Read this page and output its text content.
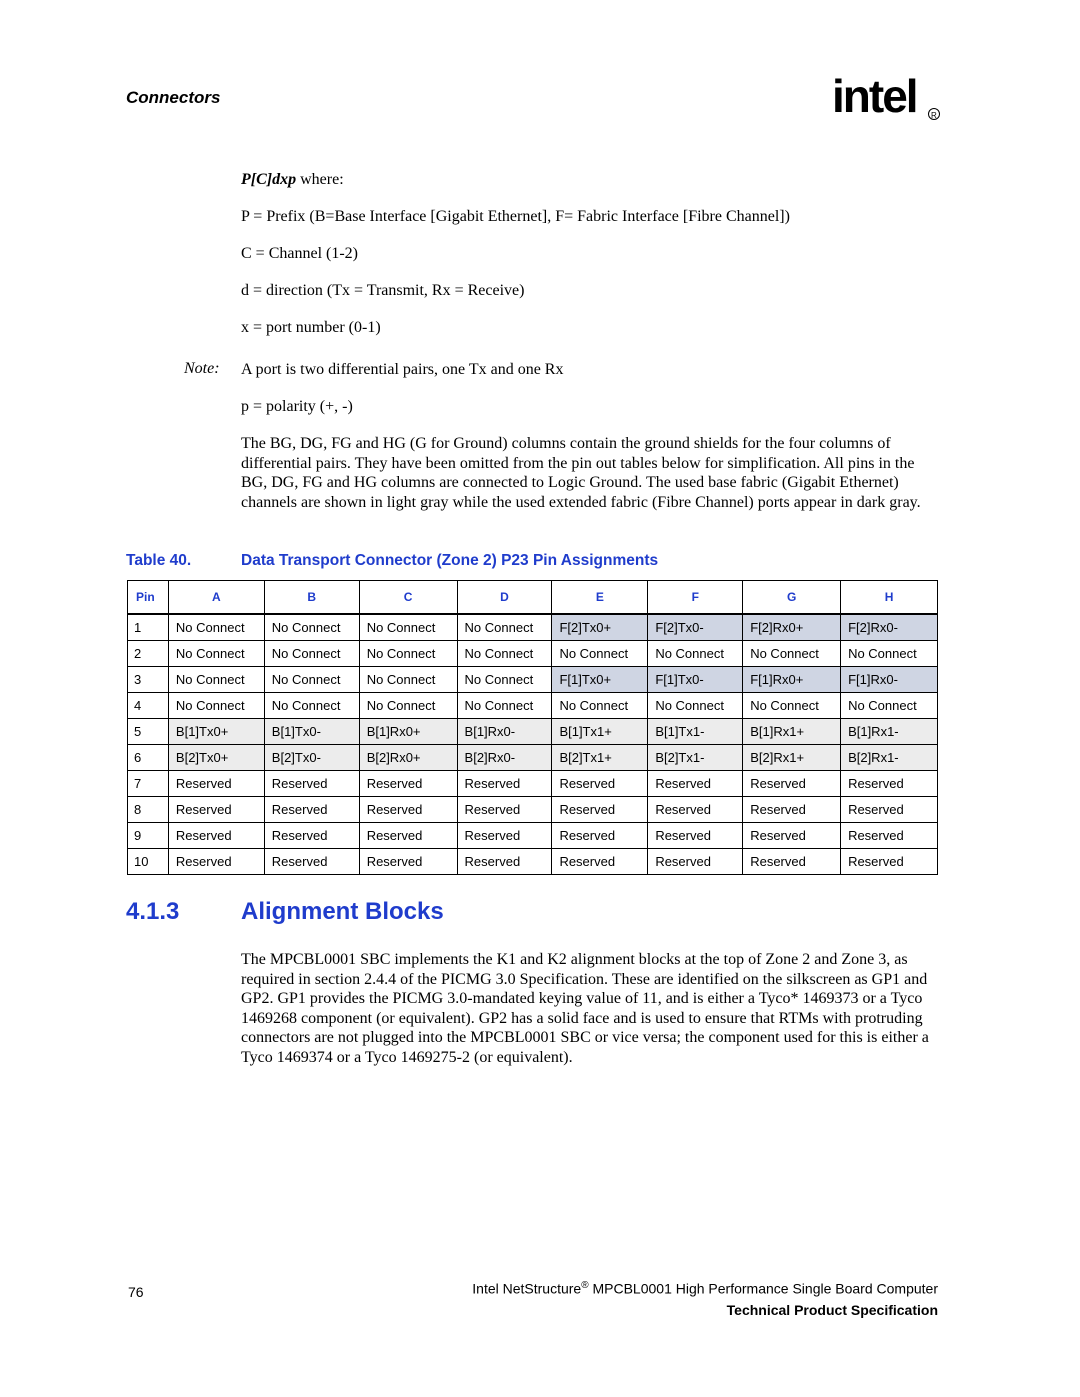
Connectors	intel R

P[C]dxp where:

P = Prefix (B=Base Interface [Gigabit Ethernet], F= Fabric Interface [Fibre Channel])
C = Channel (1-2)
d = direction (Tx = Transmit, Rx = Receive)
x = port number (0-1)
Note: A port is two differential pairs, one Tx and one Rx
p = polarity (+, -)
The BG, DG, FG and HG (G for Ground) columns contain the ground shields for the four columns of differential pairs. They have been omitted from the pin out tables below for simplification. All pins in the BG, DG, FG and HG columns are connected to Logic Ground. The used base fabric (Gigabit Ethernet) channels are shown in light gray while the used extended fabric (Fibre Channel) ports appear in dark gray.
Table 40.	Data Transport Connector (Zone 2) P23 Pin Assignments
Pin	A	B	C	D	E	F	G	H
1	No Connect	No Connect	No Connect	No Connect	F[2]Tx0+	F[2]Tx0-	F[2]Rx0+	F[2]Rx0-
2	No Connect	No Connect	No Connect	No Connect	No Connect	No Connect	No Connect	No Connect
3	No Connect	No Connect	No Connect	No Connect	F[1]Tx0+	F[1]Tx0-	F[1]Rx0+	F[1]Rx0-
4	No Connect	No Connect	No Connect	No Connect	No Connect	No Connect	No Connect	No Connect
5	B[1]Tx0+	B[1]Tx0-	B[1]Rx0+	B[1]Rx0-	B[1]Tx1+	B[1]Tx1-	B[1]Rx1+	B[1]Rx1-
6	B[2]Tx0+	B[2]Tx0-	B[2]Rx0+	B[2]Rx0-	B[2]Tx1+	B[2]Tx1-	B[2]Rx1+	B[2]Rx1-
7	Reserved	Reserved	Reserved	Reserved	Reserved	Reserved	Reserved	Reserved
8	Reserved	Reserved	Reserved	Reserved	Reserved	Reserved	Reserved	Reserved
9	Reserved	Reserved	Reserved	Reserved	Reserved	Reserved	Reserved	Reserved
10	Reserved	Reserved	Reserved	Reserved	Reserved	Reserved	Reserved	Reserved
4.1.3	Alignment Blocks
The MPCBL0001 SBC implements the K1 and K2 alignment blocks at the top of Zone 2 and Zone 3, as required in section 2.4.4 of the PICMG 3.0 Specification. These are identified on the silkscreen as GP1 and GP2. GP1 provides the PICMG 3.0-mandated keying value of 11, and is either a Tyco* 1469373 or a Tyco 1469268 component (or equivalent). GP2 has a solid face and is used to ensure that RTMs with protruding connectors are not plugged into the MPCBL0001 SBC or vice versa; the component used for this is either a Tyco 1469374 or a Tyco 1469275-2 (or equivalent).
76	Intel NetStructure® MPCBL0001 High Performance Single Board Computer
Technical Product Specification
